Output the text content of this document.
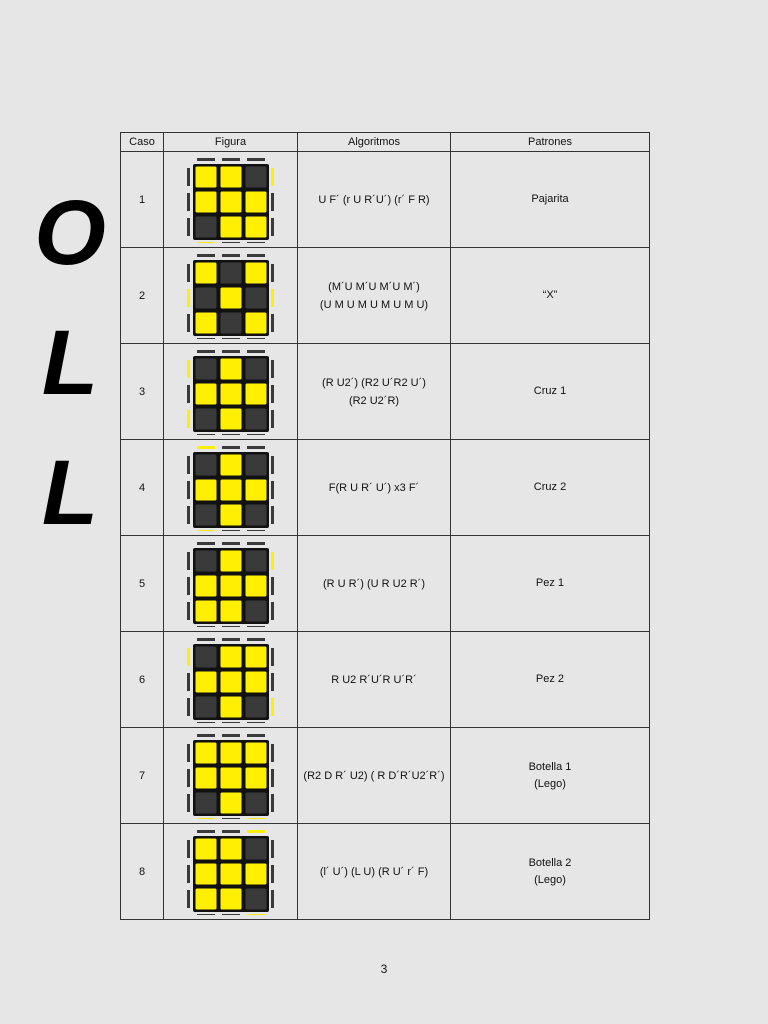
O
L
L
Caso	Figura	Algoritmos	Patrones
1		U F´ (r U R´U´) (r´ F R)	Pajarita

2		(M´U M´U M´U M´)
(U M U M U M U M U)	“X”

3		(R U2´) (R2 U´R2 U´)
(R2 U2´R)	Cruz 1

4		F(R U R´ U´) x3 F´	Cruz 2

5		(R U R´) (U R U2 R´)	Pez 1

6		R U2 R´U´R U´R´	Pez 2

7		(R2 D R´ U2) ( R D´R´U2´R´)	Botella 1
(Lego)

8		(l´ U´) (L U) (R U´ r´ F)	Botella 2
(Lego)
3
